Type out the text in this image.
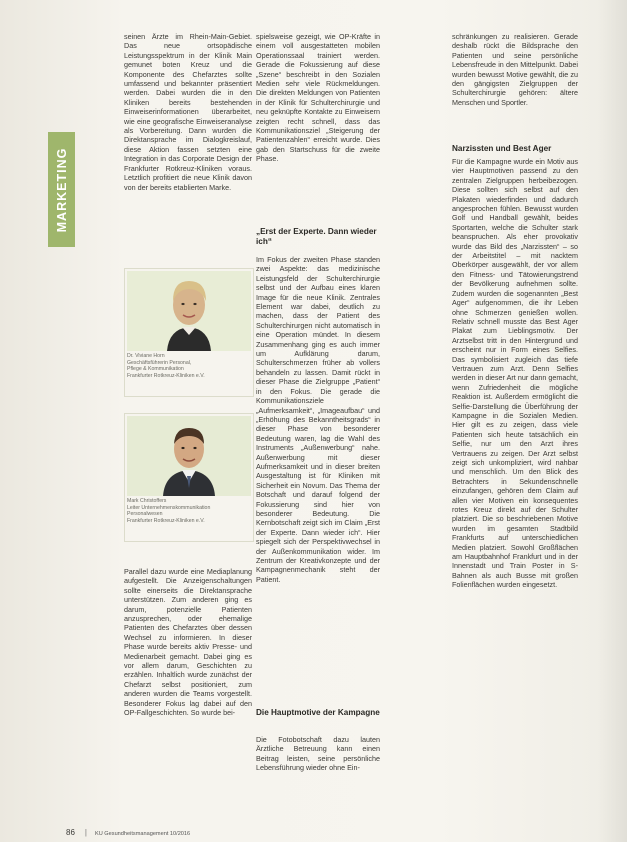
MARKETING

seinen Ärzte im Rhein-Main-Gebiet. Das neue ortsopädische Leistungsspektrum in der Klinik Main gemunet boten Kreuz und die Komponente des Chefarztes sollte umfassend und bekannter präsentiert werden. Dabei wurden die in den Kliniken bereits bestehenden Einweiserinformationen überarbeitet, wie eine geografische Einweiseranalyse als Vorbereitung. Dann wurden die Direktansprache im Dialogkreislauf, diese Aktion fassen setzten eine Integration in das Corporate Design der Frankfurter Rotkreuz-Kliniken voraus. Letztlich profitiert die neue Klinik davon von der bereits etablierten Marke.

Dr. Viviane Horn
Geschäftsführerin Personal,
Pflege & Kommunikation
Frankfurter Rotkreuz-Kliniken e.V.
Mark Christoffers
Leiter Unternehmenskommunikation
Personalwesen
Frankfurter Rotkreuz-Kliniken e.V.

Parallel dazu wurde eine Mediaplanung aufgestellt. Die Anzeigenschaltungen sollte einerseits die Direktansprache unterstützen. Zum anderen ging es darum, potenzielle Patienten anzusprechen, oder ehemalige Patienten des Chefarztes über dessen Wechsel zu informieren. In dieser Phase wurde bereits aktiv Presse- und Medienarbeit gemacht. Dabei ging es vor allem darum, Geschichten zu erzählen. Inhaltlich wurde zunächst der Chefarzt selbst positioniert, zum anderen wurden die Teams vorgestellt. Besonderer Fokus lag dabei auf den OP-Fallgeschichten. So wurde bei-

spielsweise gezeigt, wie OP-Kräfte in einem voll ausgestatteten mobilen Operationssaal trainiert werden. Gerade die Fokussierung auf diese „Szene“ beschreibt in den Sozialen Medien sehr viele Rückmeldungen. Die direkten Meldungen von Patienten in der Klinik für Schulterchirurgie und neu geknüpfte Kontakte zu Einweisern zeigten recht schnell, dass das Kommunikationsziel „Steigerung der Patientenzahlen“ erreicht wurde. Dies gab den Startschuss für die zweite Phase.

„Erst der Experte. Dann wieder ich“

Im Fokus der zweiten Phase standen zwei Aspekte: das medizinische Leistungsfeld der Schulterchirurgie selbst und der Aufbau eines klaren Image für die neue Klinik. Zentrales Element war dabei, deutlich zu machen, dass der Patient des Schulterchirurgen nicht automatisch in eine Operation mündet. In diesem Zusammenhang ging es auch immer um Aufklärung darum, Schulterschmerzen früher ab vollers behandeln zu lassen. Damit rückt in dieser Phase die Zielgruppe „Patient“ in den Fokus. Die gerade die Kommunikationsziele „Aufmerksamkeit“, „Imageaufbau“ und „Erhöhung des Bekanntheitsgrads“ in dieser Phase von besonderer Bedeutung waren, lag die Wahl des Instruments „Außenwerbung“ nahe. Außenwerbung mit dieser Aufmerksamkeit und in dieser breiten Ausgestaltung ist für Kliniken mit Sicherheit ein Novum. Das Thema der Botschaft und darauf folgend der Fokussierung sind hier von besonderer Bedeutung. Die Kernbotschaft zeigt sich im Claim „Erst der Experte. Dann wieder ich“. Hier spiegelt sich der Perspektivwechsel in der Außenkommunikation wider. Im Zentrum der Kreativkonzepte und der Kampagnenmechanik steht der Patient.

Die Hauptmotive der Kampagne

Die Fotobotschaft dazu lauten Ärztliche Betreuung kann einen Beitrag leisten, seine persönliche Lebensführung wieder ohne Ein-

schränkungen zu realisieren. Gerade deshalb rückt die Bildsprache den Patienten und seine persönliche Lebensfreude in den Mittelpunkt. Dabei wurden bewusst Motive gewählt, die zu den gängigsten Zielgruppen der Schulterchirurgie gehören: ältere Menschen und Sportler.

Narzissten und Best Ager

Für die Kampagne wurde ein Motiv aus vier Hauptmotiven passend zu den zentralen Zielgruppen herbeibezogen. Diese sollten sich selbst auf den Plakaten wiederfinden und dadurch angesprochen fühlen. Bewusst wurden Golf und Handball gewählt, beides Sportarten, welche die Schulter stark beanspruchen. Als eher provokativ wurde das Bild des „Narzissten“ – so der Arbeitstitel – mit nacktem Oberkörper ausgewählt, der vor allem den Fitness- und Tätowierungstrend der Bevölkerung aufnehmen sollte. Zudem wurden die sogenannten „Best Ager“ aufgenommen, die ihr Leben ohne Schmerzen genießen wollen. Relativ schnell musste das Best Ager Plakat zum Lieblingsmotiv. Der Arztselbst tritt in den Hintergrund und erscheint nur in Form eines Selfies. Das symbolisiert zugleich das tiefe Vertrauen zum Arzt. Denn Selfies werden in dieser Art nur dann gemacht, wenn Zufriedenheit die mögliche Reaktion ist. Außerdem ermöglicht die Selfie-Darstellung die Überführung der Kampagne in die Sozialen Medien. Hier gilt es zu zeigen, dass viele Patienten sich heute tatsächlich ein Selfie, nur um den Arzt ihres Vertrauens zu zeigen. Der Arzt selbst zeigt sich unkompliziert, wird nahbar und menschlich. Um den Blick des Betrachters in Sekundenschnelle einzufangen, gehören dem Claim auf allen vier Motiven ein konsequentes rotes Kreuz direkt auf der Schulter platziert. Die so beschriebenen Motive wurden im gesamten Stadtbild Frankfurts auf unterschiedlichen Medien platziert. Sowohl Großflächen am Hauptbahnhof Frankfurt und in der Innenstadt und Train Poster in S-Bahnen als auch Busse mit großen Folienflächen wurden eingesetzt.

86 | KU Gesundheitsmanagement 10/2016
